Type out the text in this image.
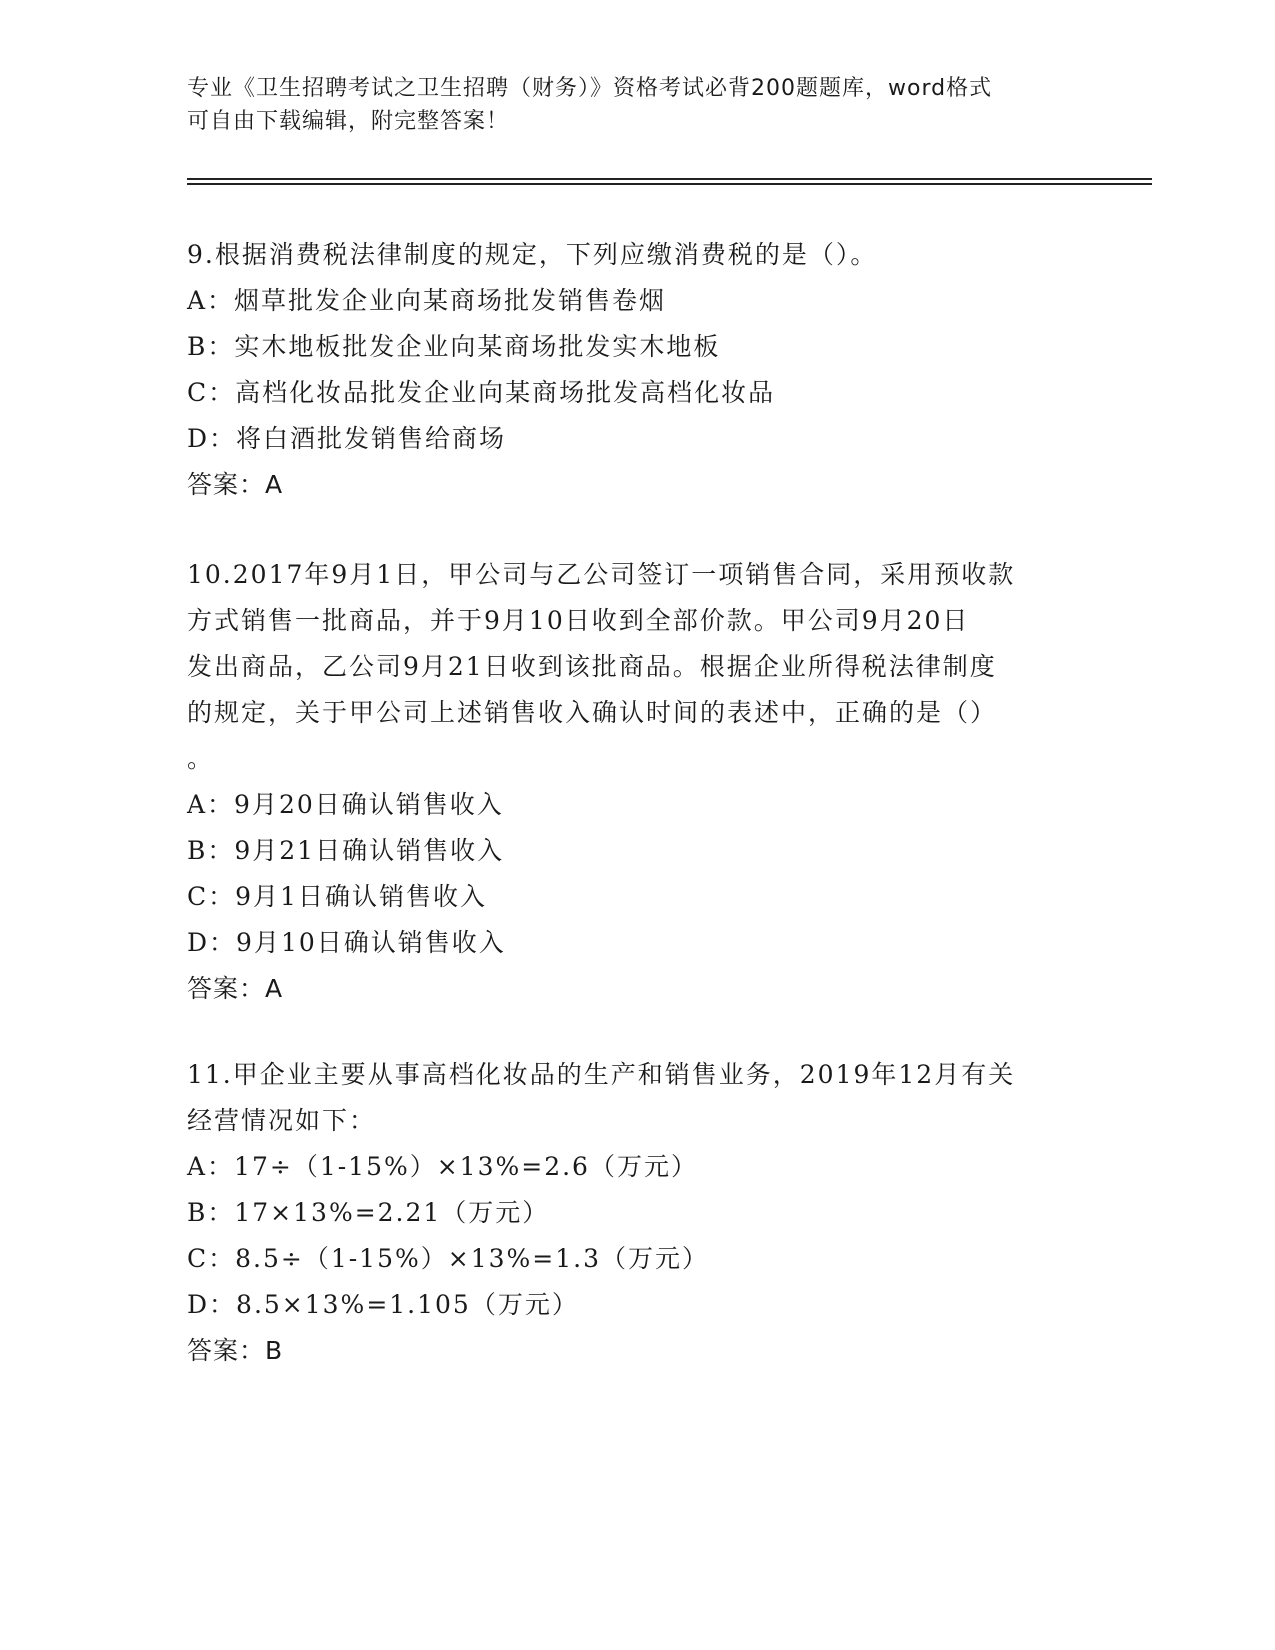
专业《卫生招聘考试之卫生招聘（财务）》资格考试必背200题题库，word格式
可自由下载编辑，附完整答案！

9.根据消费税法律制度的规定，下列应缴消费税的是（）。

A：烟草批发企业向某商场批发销售卷烟

B：实木地板批发企业向某商场批发实木地板

C：高档化妆品批发企业向某商场批发高档化妆品

D：将白酒批发销售给商场

答案：A

10.2017年9月1日，甲公司与乙公司签订一项销售合同，采用预收款

方式销售一批商品，并于9月10日收到全部价款。甲公司9月20日

发出商品，乙公司9月21日收到该批商品。根据企业所得税法律制度

的规定，关于甲公司上述销售收入确认时间的表述中，正确的是（）

。

A：9月20日确认销售收入

B：9月21日确认销售收入

C：9月1日确认销售收入

D：9月10日确认销售收入

答案：A

11.甲企业主要从事高档化妆品的生产和销售业务，2019年12月有关

经营情况如下：

A：17÷（1-15%）×13%=2.6（万元）

B：17×13%=2.21（万元）

C：8.5÷（1-15%）×13%=1.3（万元）

D：8.5×13%=1.105（万元）

答案：B
